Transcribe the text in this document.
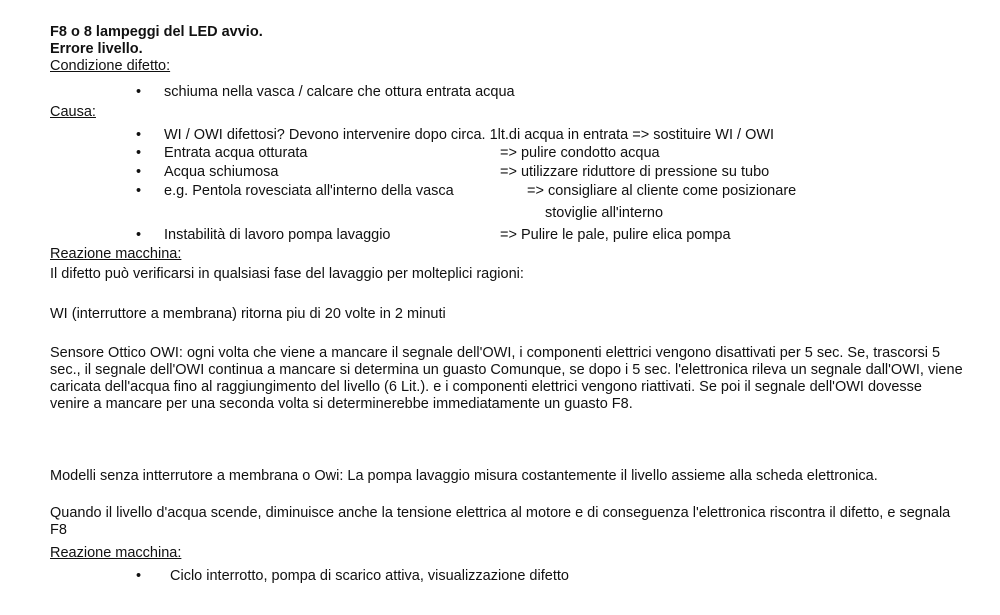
F8 o 8 lampeggi del LED avvio.
Errore livello.
Condizione difetto:
•	schiuma nella vasca / calcare che ottura entrata acqua
Causa:
•	WI / OWI difettosi? Devono intervenire dopo circa. 1lt.di acqua in entrata => sostituire WI / OWI
•	Entrata acqua otturata	=> pulire condotto acqua
•	Acqua schiumosa	=> utilizzare riduttore di pressione su tubo
•	e.g. Pentola rovesciata all'interno della vasca	=> consigliare al cliente come posizionare
stoviglie all'interno
•	Instabilità di lavoro pompa lavaggio	=> Pulire le pale, pulire elica pompa
Reazione macchina:
Il difetto può verificarsi in qualsiasi fase del lavaggio per molteplici ragioni:
WI (interruttore a membrana) ritorna piu di 20 volte in 2 minuti
Sensore Ottico OWI: ogni volta che viene a mancare il segnale dell'OWI, i componenti elettrici vengono disattivati per 5 sec. Se, trascorsi 5 sec., il segnale dell'OWI continua a mancare si determina un guasto Comunque, se dopo i 5 sec. l'elettronica rileva un segnale dall'OWI, viene caricata dell'acqua fino al raggiungimento del livello (6 Lit.). e i componenti elettrici vengono riattivati. Se poi il segnale dell'OWI dovesse venire a mancare per una seconda volta si determinerebbe immediatamente un guasto F8.
Modelli senza intterrutore a membrana o Owi: La pompa lavaggio misura costantemente il livello assieme alla scheda elettronica.
Quando il livello d'acqua scende, diminuisce anche la tensione elettrica al motore e di conseguenza l'elettronica riscontra il difetto, e segnala F8
Reazione macchina:
•	Ciclo interrotto, pompa di scarico attiva, visualizzazione difetto
